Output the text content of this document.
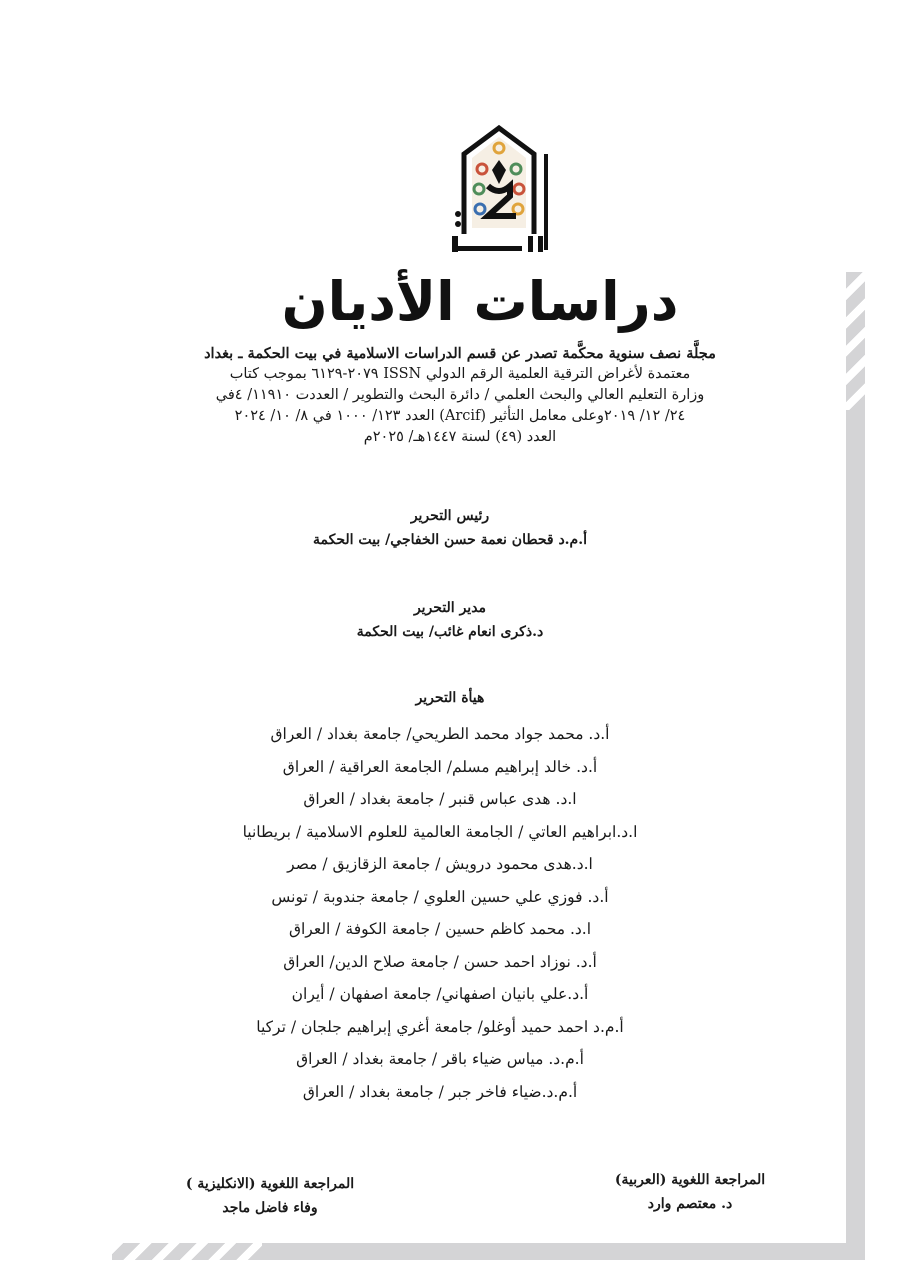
دراسات الأديان
مجلَّة نصف سنوية محكَّمة تصدر عن قسم الدراسات الاسلامية في بيت الحكمة ـ بغداد
معتمدة لأغراض الترقية العلمية الرقم الدولي ISSN ٢٠٧٩-٦١٢٩ بموجب كتاب
وزارة التعليم العالي والبحث العلمي / دائرة البحث والتطوير / العددت ١١٩١٠/ ٤في
٢٤/ ١٢/ ٢٠١٩وعلى معامل التأثير (Arcif) العدد ١٢٣/ ١٠٠٠ في ٨/ ١٠/ ٢٠٢٤
العدد (٤٩) لسنة ١٤٤٧هـ/ ٢٠٢٥م
رئيس التحرير
أ.م.د قحطان نعمة حسن الخفاجي/ بيت الحكمة
مدير التحرير
د.ذكرى انعام غائب/ بيت الحكمة
هيأة التحرير
أ.د. محمد جواد محمد الطريحي/ جامعة بغداد / العراق
أ.د. خالد إبراهيم مسلم/ الجامعة العراقية / العراق
ا.د. هدى عباس قنبر / جامعة بغداد / العراق
ا.د.ابراهيم العاتي / الجامعة العالمية للعلوم الاسلامية / بريطانيا
ا.د.هدى محمود درويش / جامعة الزقازيق / مصر
أ.د. فوزي علي حسين العلوي / جامعة جندوبة / تونس
ا.د. محمد كاظم حسين / جامعة الكوفة / العراق
أ.د. نوزاد احمد حسن / جامعة صلاح الدين/ العراق
أ.د.علي بانيان اصفهاني/ جامعة اصفهان / أيران
أ.م.د احمد حميد أوغلو/ جامعة أغري إبراهيم جلجان / تركيا
أ.م.د. مياس ضياء باقر / جامعة بغداد / العراق
أ.م.د.ضياء فاخر جبر / جامعة بغداد / العراق
المراجعة اللغوية (العربية)
د. معتصم وارد
المراجعة اللغوية (الانكليزية )
وفاء فاضل ماجد
